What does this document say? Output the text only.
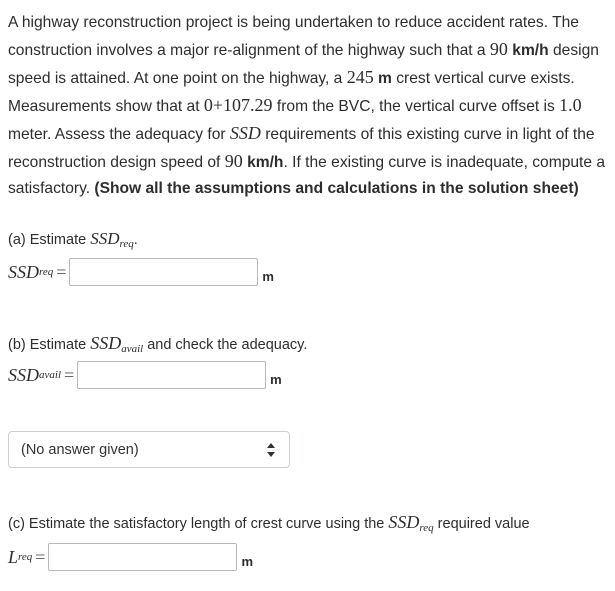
A highway reconstruction project is being undertaken to reduce accident rates. The construction involves a major re-alignment of the highway such that a 90 km/h design speed is attained. At one point on the highway, a 245 m crest vertical curve exists. Measurements show that at 0+107.29 from the BVC, the vertical curve offset is 1.0 meter. Assess the adequacy for SSD requirements of this existing curve in light of the reconstruction design speed of 90 km/h. If the existing curve is inadequate, compute a satisfactory. (Show all the assumptions and calculations in the solution sheet)
(a) Estimate $SSD_{req}$.
SSD req =	m
(b) Estimate $SSD_{avail}$ and check the adequacy.
SSD avail =	m
(No answer given)
(c) Estimate the satisfactory length of crest curve using the $SSD_{req}$ required value
L req =	m
